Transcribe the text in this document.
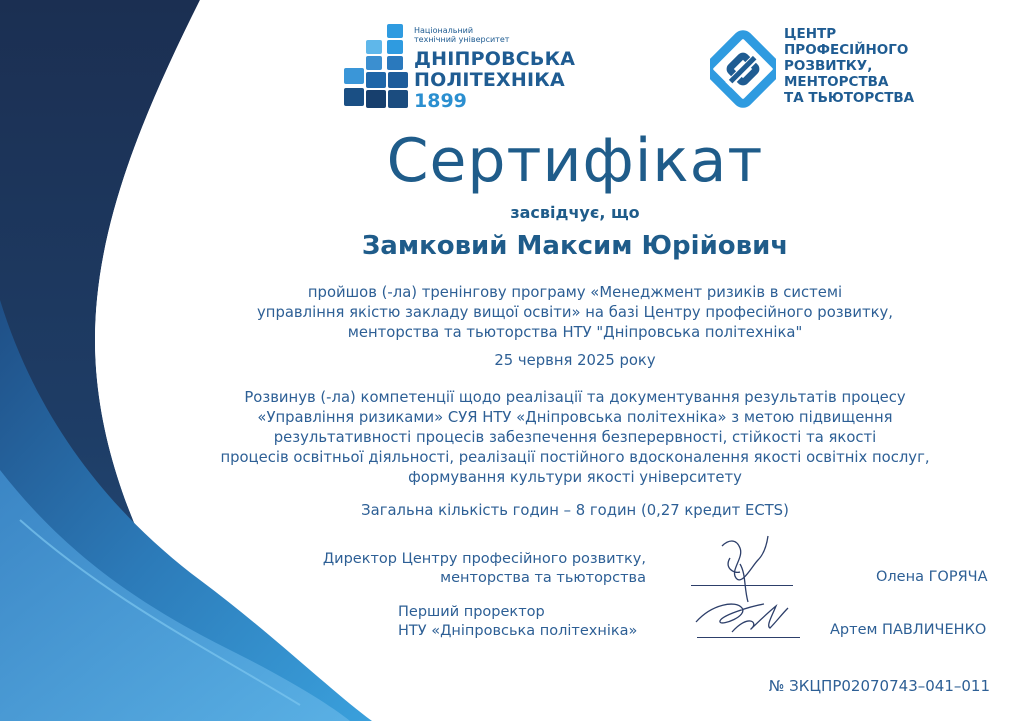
Національний
технічний університет
ДНІПРОВСЬКА
ПОЛІТЕХНІКА
1899
ЦЕНТР
ПРОФЕСІЙНОГО
РОЗВИТКУ,
МЕНТОРСТВА
ТА ТЬЮТОРСТВА
Сертифікат
засвідчує, що
Замковий Максим Юрійович
пройшов (-ла) тренінгову програму «Менеджмент ризиків в системі
управління якістю закладу вищої освіти» на базі Центру професійного розвитку,
менторства та тьюторства НТУ "Дніпровська політехніка"
25 червня 2025 року
Розвинув (-ла) компетенції щодо реалізації та документування результатів процесу
«Управління ризиками» СУЯ НТУ «Дніпровська політехніка» з метою підвищення
результативності процесів забезпечення безперервності, стійкості та якості
процесів освітньої діяльності, реалізації постійного вдосконалення якості освітніх послуг,
формування культури якості університету
Загальна кількість годин – 8 годин (0,27 кредит ECTS)
Директор Центру професійного розвитку,
менторства та тьюторства	Олена ГОРЯЧА
Перший проректор
НТУ «Дніпровська політехніка»	Артем ПАВЛИЧЕНКО
№ ЗКЦПР02070743–041–011
